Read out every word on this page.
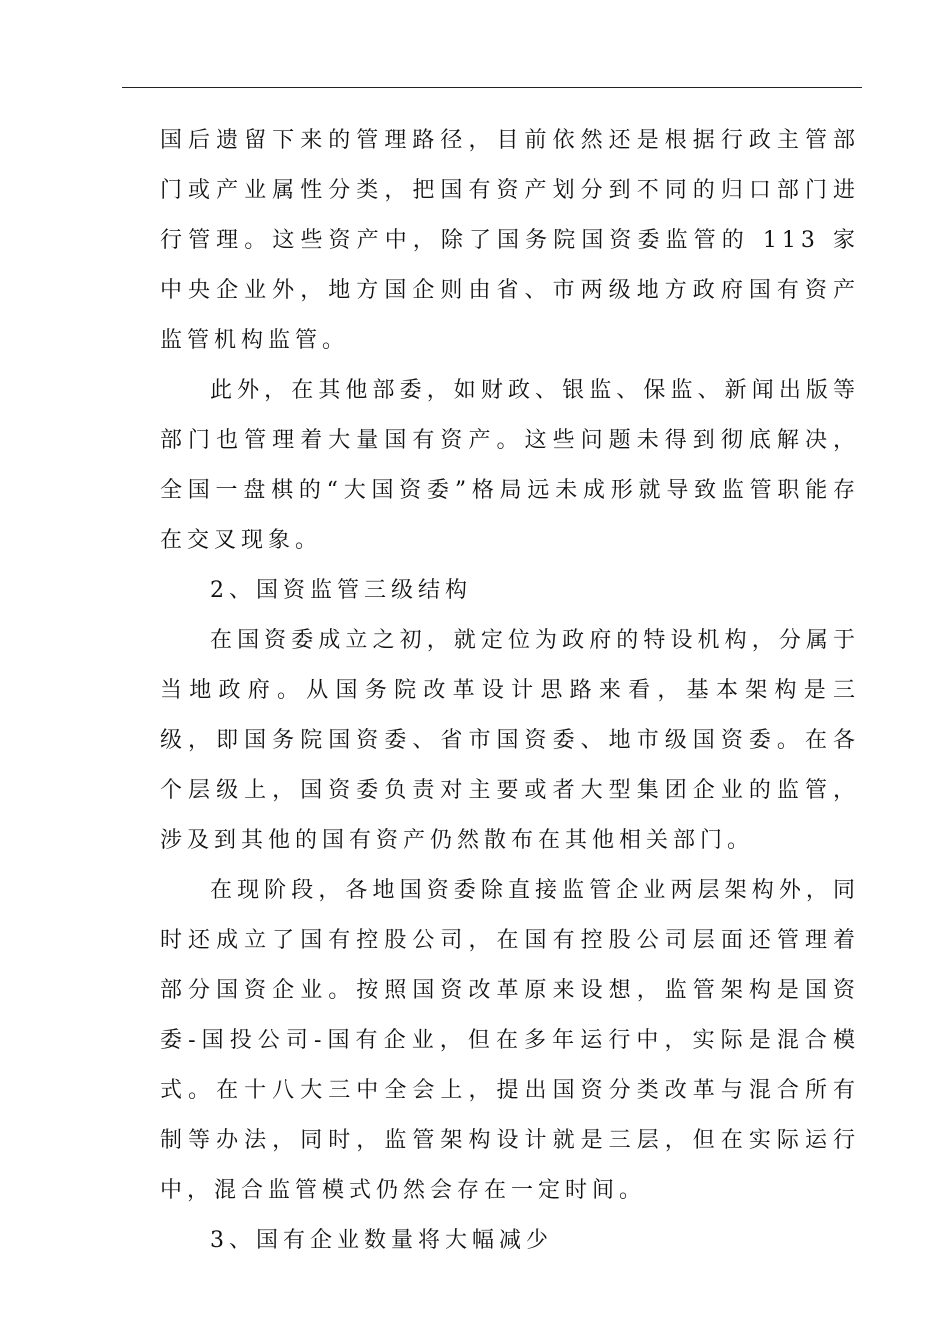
国后遗留下来的管理路径，目前依然还是根据行政主管部门或产业属性分类，把国有资产划分到不同的归口部门进行管理。这些资产中，除了国务院国资委监管的 113 家中央企业外，地方国企则由省、市两级地方政府国有资产监管机构监管。

此外，在其他部委，如财政、银监、保监、新闻出版等部门也管理着大量国有资产。这些问题未得到彻底解决，全国一盘棋的“大国资委”格局远未成形就导致监管职能存在交叉现象。

2、国资监管三级结构

在国资委成立之初，就定位为政府的特设机构，分属于当地政府。从国务院改革设计思路来看，基本架构是三级，即国务院国资委、省市国资委、地市级国资委。在各个层级上，国资委负责对主要或者大型集团企业的监管，涉及到其他的国有资产仍然散布在其他相关部门。

在现阶段，各地国资委除直接监管企业两层架构外，同时还成立了国有控股公司，在国有控股公司层面还管理着部分国资企业。按照国资改革原来设想，监管架构是国资委-国投公司-国有企业，但在多年运行中，实际是混合模式。在十八大三中全会上，提出国资分类改革与混合所有制等办法，同时，监管架构设计就是三层，但在实际运行中，混合监管模式仍然会存在一定时间。

3、国有企业数量将大幅减少
